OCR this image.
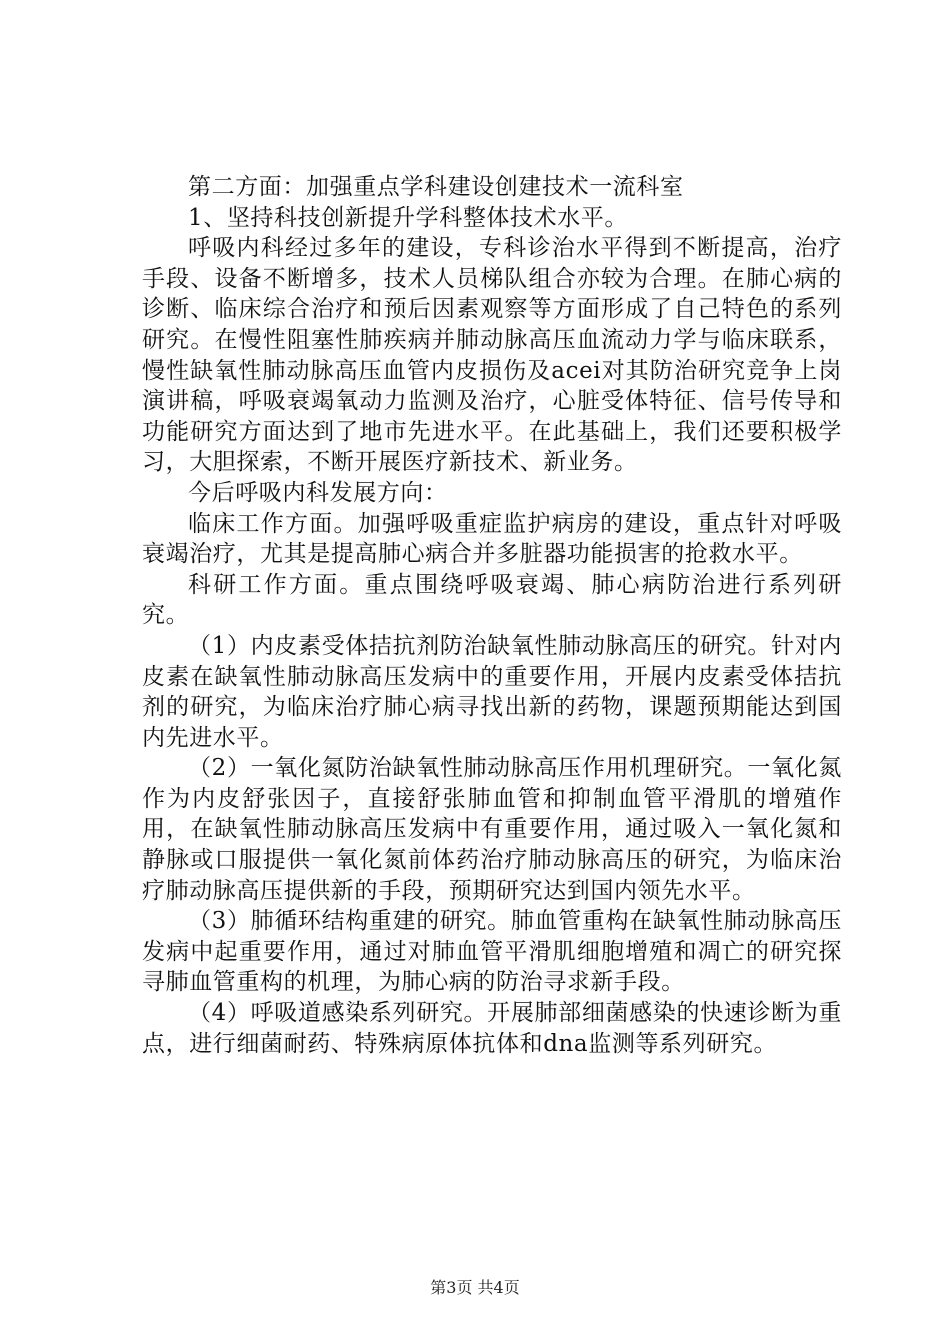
第二方面：加强重点学科建设创建技术一流科室

1、坚持科技创新提升学科整体技术水平。

呼吸内科经过多年的建设，专科诊治水平得到不断提高，治疗手段、设备不断增多，技术人员梯队组合亦较为合理。在肺心病的诊断、临床综合治疗和预后因素观察等方面形成了自己特色的系列研究。在慢性阻塞性肺疾病并肺动脉高压血流动力学与临床联系，慢性缺氧性肺动脉高压血管内皮损伤及acei对其防治研究竞争上岗演讲稿，呼吸衰竭氧动力监测及治疗，心脏受体特征、信号传导和功能研究方面达到了地市先进水平。在此基础上，我们还要积极学习，大胆探索，不断开展医疗新技术、新业务。

今后呼吸内科发展方向：

临床工作方面。加强呼吸重症监护病房的建设，重点针对呼吸衰竭治疗，尤其是提高肺心病合并多脏器功能损害的抢救水平。

科研工作方面。重点围绕呼吸衰竭、肺心病防治进行系列研究。

（1）内皮素受体拮抗剂防治缺氧性肺动脉高压的研究。针对内皮素在缺氧性肺动脉高压发病中的重要作用，开展内皮素受体拮抗剂的研究，为临床治疗肺心病寻找出新的药物，课题预期能达到国内先进水平。

（2）一氧化氮防治缺氧性肺动脉高压作用机理研究。一氧化氮作为内皮舒张因子，直接舒张肺血管和抑制血管平滑肌的增殖作用，在缺氧性肺动脉高压发病中有重要作用，通过吸入一氧化氮和静脉或口服提供一氧化氮前体药治疗肺动脉高压的研究，为临床治疗肺动脉高压提供新的手段，预期研究达到国内领先水平。

（3）肺循环结构重建的研究。肺血管重构在缺氧性肺动脉高压发病中起重要作用，通过对肺血管平滑肌细胞增殖和凋亡的研究探寻肺血管重构的机理，为肺心病的防治寻求新手段。

（4）呼吸道感染系列研究。开展肺部细菌感染的快速诊断为重点，进行细菌耐药、特殊病原体抗体和dna监测等系列研究。

第3页 共4页
